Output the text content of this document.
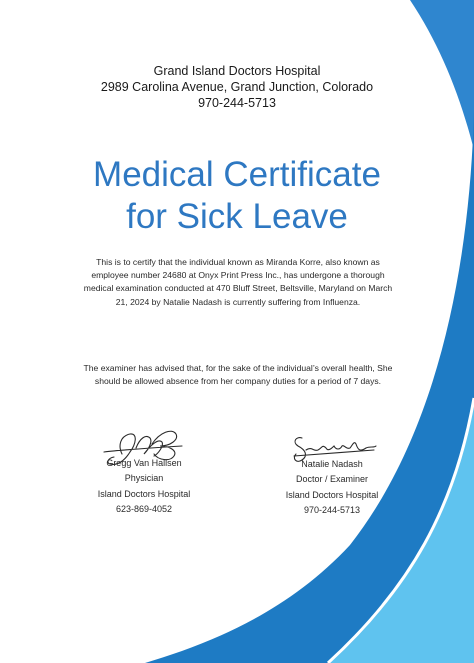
Grand Island Doctors Hospital
2989 Carolina Avenue, Grand Junction, Colorado
970-244-5713
Medical Certificate
for Sick Leave
This is to certify that the individual known as Miranda Korre, also known as
employee number 24680 at Onyx Print Press Inc., has undergone a thorough
medical examination conducted at 470 Bluff Street, Beltsville, Maryland on March
21, 2024 by Natalie Nadash is currently suffering from Influenza.
The examiner has advised that, for the sake of the individual’s overall health, She
should be allowed absence from her company duties for a period of 7 days.
Gregg Van Hallsen
Physician
Island Doctors Hospital
623-869-4052
Natalie Nadash
Doctor / Examiner
Island Doctors Hospital
970-244-5713
